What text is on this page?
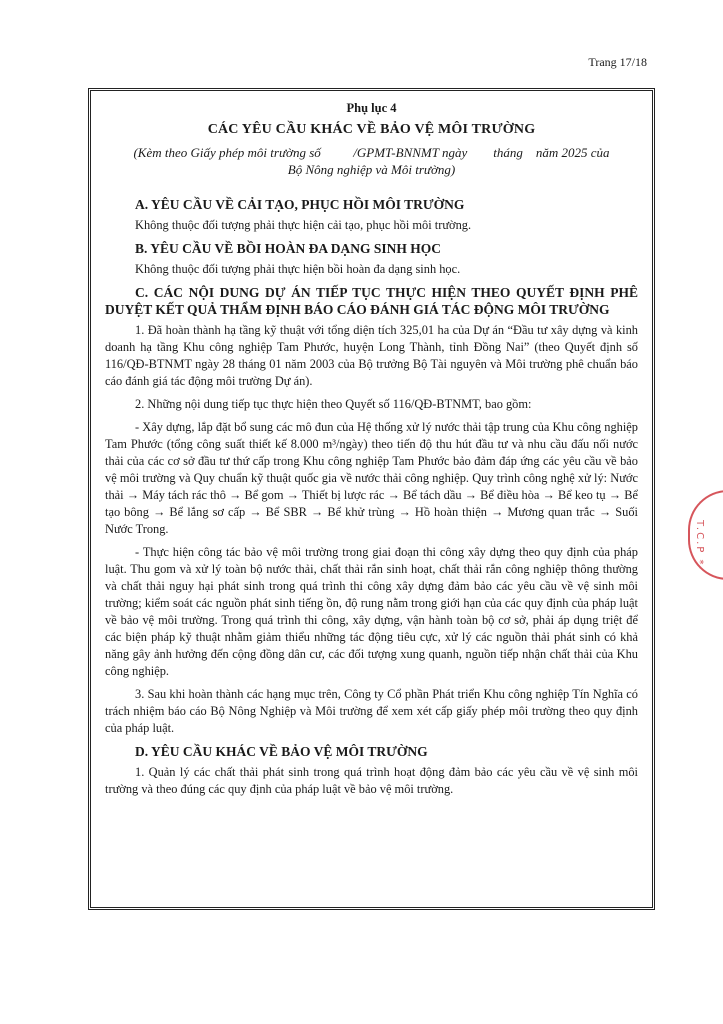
Trang 17/18
Phụ lục 4
CÁC YÊU CẦU KHÁC VỀ BẢO VỆ MÔI TRƯỜNG
(Kèm theo Giấy phép môi trường số          /GPMT-BNNMT ngày        tháng    năm 2025 của
Bộ Nông nghiệp và Môi trường)
A. YÊU CẦU VỀ CẢI TẠO, PHỤC HỒI MÔI TRƯỜNG

Không thuộc đối tượng phải thực hiện cải tạo, phục hồi môi trường.

B. YÊU CẦU VỀ BỒI HOÀN ĐA DẠNG SINH HỌC

Không thuộc đối tượng phải thực hiện bồi hoàn đa dạng sinh học.

C. CÁC NỘI DUNG DỰ ÁN TIẾP TỤC THỰC HIỆN THEO QUYẾT ĐỊNH PHÊ DUYỆT KẾT QUẢ THẨM ĐỊNH BÁO CÁO ĐÁNH GIÁ TÁC ĐỘNG MÔI TRƯỜNG

1. Đã hoàn thành hạ tầng kỹ thuật với tổng diện tích 325,01 ha của Dự án “Đầu tư xây dựng và kinh doanh hạ tầng Khu công nghiệp Tam Phước, huyện Long Thành, tỉnh Đồng Nai” (theo Quyết định số 116/QĐ-BTNMT ngày 28 tháng 01 năm 2003 của Bộ trưởng Bộ Tài nguyên và Môi trường phê chuẩn báo cáo đánh giá tác động môi trường Dự án).

2. Những nội dung tiếp tục thực hiện theo Quyết số 116/QĐ-BTNMT, bao gồm:

- Xây dựng, lắp đặt bổ sung các mô đun của Hệ thống xử lý nước thải tập trung của Khu công nghiệp Tam Phước (tổng công suất thiết kế 8.000 m³/ngày) theo tiến độ thu hút đầu tư và nhu cầu đấu nối nước thải của các cơ sở đầu tư thứ cấp trong Khu công nghiệp Tam Phước bảo đảm đáp ứng các yêu cầu về bảo vệ môi trường và Quy chuẩn kỹ thuật quốc gia về nước thải công nghiệp. Quy trình công nghệ xử lý: Nước thải → Máy tách rác thô → Bể gom → Thiết bị lược rác → Bể tách dầu → Bể điều hòa → Bể keo tụ → Bể tạo bông → Bể lắng sơ cấp → Bể SBR → Bể khử trùng → Hồ hoàn thiện → Mương quan trắc → Suối Nước Trong.

- Thực hiện công tác bảo vệ môi trường trong giai đoạn thi công xây dựng theo quy định của pháp luật. Thu gom và xử lý toàn bộ nước thải, chất thải rắn sinh hoạt, chất thải rắn công nghiệp thông thường và chất thải nguy hại phát sinh trong quá trình thi công xây dựng đảm bảo các yêu cầu về vệ sinh môi trường; kiểm soát các nguồn phát sinh tiếng ồn, độ rung nằm trong giới hạn của các quy định của pháp luật về bảo vệ môi trường. Trong quá trình thi công, xây dựng, vận hành toàn bộ cơ sở, phải áp dụng triệt để các biện pháp kỹ thuật nhằm giảm thiểu những tác động tiêu cực, xử lý các nguồn thải phát sinh có khả năng gây ảnh hưởng đến cộng đồng dân cư, các đối tượng xung quanh, nguồn tiếp nhận chất thải của Khu công nghiệp.

3. Sau khi hoàn thành các hạng mục trên, Công ty Cổ phần Phát triển Khu công nghiệp Tín Nghĩa có trách nhiệm báo cáo Bộ Nông Nghiệp và Môi trường để xem xét cấp giấy phép môi trường theo quy định của pháp luật.

D. YÊU CẦU KHÁC VỀ BẢO VỆ MÔI TRƯỜNG

1. Quản lý các chất thải phát sinh trong quá trình hoạt động đảm bảo các yêu cầu về vệ sinh môi trường và theo đúng các quy định của pháp luật về bảo vệ môi trường.

T.C.P *
